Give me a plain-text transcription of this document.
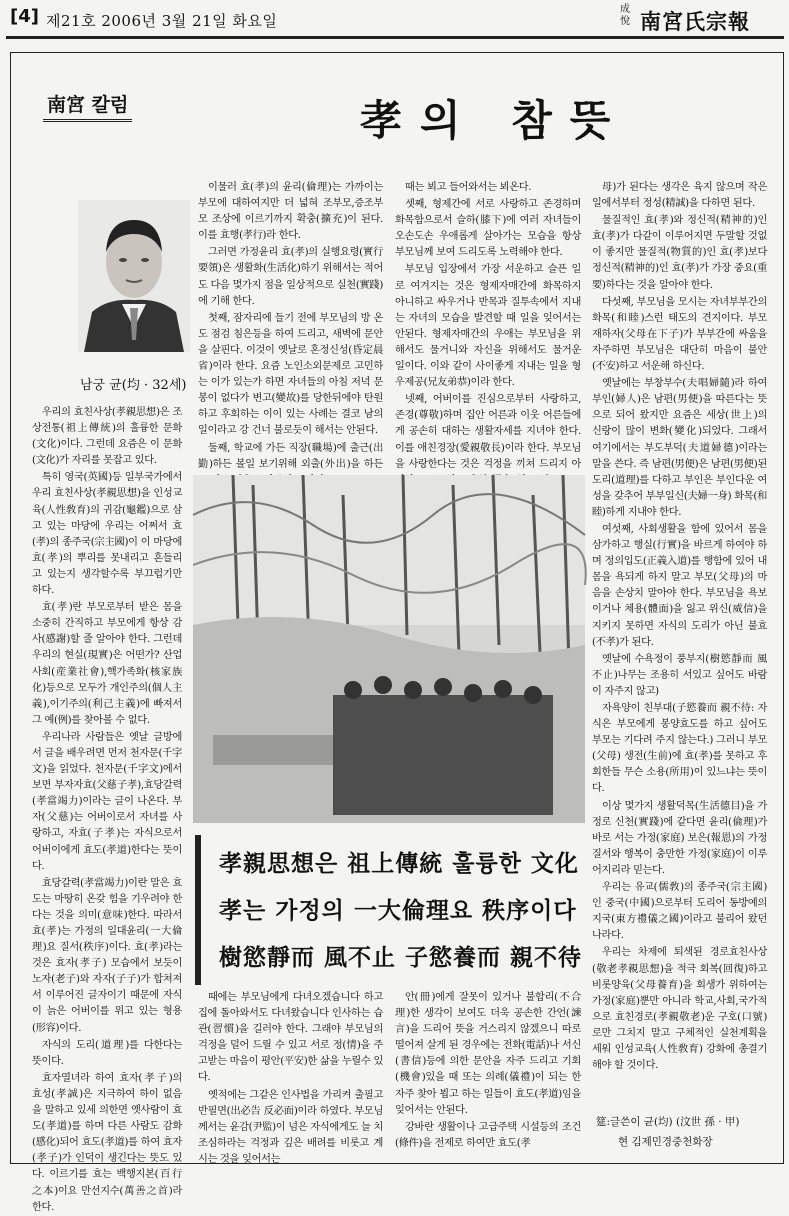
[4] 제21호 2006년 3월 21일 화요일
成悅 南宮氏宗報
南宮 칼럼	孝의 참뜻
남궁 균(均 · 32세)

우리의 효친사상(孝親思想)은 조상전통(祖上傳統)의 훌륭한 문화(文化)이다. 그런데 요즘은 이 문화(文化)가 자리를 못잡고 있다.

특히 영국(英國)등 일부국가에서 우리 효친사상(孝親思想)을 인성교육(人性敎育)의 귀감(龜鑑)으로 삼고 있는 마당에 우리는 어쩌서 효(孝)의 종주국(宗主國)이 이 마당에 효(孝)의 뿌리를 못내리고 흔들리고 있는지 생각할수록 부끄럽기만 하다.

효(孝)란 부모로부터 받은 몸을 소중히 간직하고 부모에게 항상 감사(感謝)할 줄 알아야 한다. 그런데 우리의 현실(現實)은 어떤가? 산업사회(産業社會),핵가족화(核家族化)등으로 모두가 개인주의(個人主義),이기주의(利己主義)에 빠져서 그 예(例)를 찾아볼 수 없다.

우리나라 사람들은 옛날 글방에서 글을 배우려면 먼저 천자문(千字文)을 읽었다. 천자문(千字文)에서 보면 부자자효(父慈子孝),효당갈력(孝當竭力)이라는 글이 나온다. 부자(父慈)는 어버이로서 자녀를 사랑하고, 자효(子孝)는 자식으로서 어버이에게 효도(孝道)한다는 뜻이다.

효당갈력(孝當竭力)이란 말은 효도는 마땅히 온갖 힘을 기우려야 한다는 것을 의미(意味)한다. 따라서 효(孝)는 가정의 일대윤리(一大倫理)요 질서(秩序)이다. 효(孝)라는 것은 효자(孝子) 모습에서 보듯이 노자(老子)와 자자(子子)가 합쳐져서 이루어진 글자이기 때문에 자식이 늙은 어버이를 위고 있는 형용(形容)이다.

자식의 도리(道理)를 다한다는 뜻이다.

효자열녀라 하여 효자(孝子)의 효성(孝誠)은 지극하여 하이 없음을 말하고 있세 의한면 옛사람이 효도(孝道)를 하며 다른 사람도 감화(感化)되어 효도(孝道)를 하여 효자(孝子)가 인덕이 생긴다는 뜻도 있다. 이르기를 효는 백행지본(百行之本)이요 만선지수(萬善之首)라 한다.

이물러 효(孝)의 윤리(倫理)는 가까이는 부모에 대하여지만 더 넓혀 조부모,증조부모 조상에 이르기까지 확충(擴充)이 된다. 이를 효행(孝行)라 한다.

그러면 가정윤리 효(孝)의 실행요령(實行要領)은 생활화(生活化)하기 위해서는 적어도 다음 몇가지 점을 일상적으로 실천(實踐)에 기해 한다.

첫째, 잠자리에 들기 전에 부모님의 방 온도 점검 침은등을 하여 드리고, 새벽에 문안을 살핀다. 이것이 옛날로 혼정신성(昏定晨省)이라 한다. 요즘 노인소외문제로 고민하는 이가 있는가 하면 자녀들의 아침 저녁 문봉이 없다가 변고(變故)를 당한뒤에야 탄원하고 후회하는 이이 있는 사례는 결코 남의 일이라고 강 건너 불로듯이 해서는 안된다.

둘째, 학교에 가든 직장(職場)에 출근(出勤)하든 볼일 보기위해 외출(外出)을 하든

때는 뵈고 들어와서는 뵈온다.

셋째, 형제간에 서로 사랑하고 존경하며 화목함으로서 슬하(膝下)에 여러 자녀들이 오손도손 우애롭게 살아가는 모습을 항상 부모님께 보여 드리도록 노력해야 한다.

부모님 입장에서 가장 서운하고 슬픈 일로 여겨지는 것은 형제자매간에 화목하지 아니하고 싸우거나 반목과 질투속에서 지내는 자녀의 모습을 발견할 때 일을 잊어서는 안된다. 형제자매간의 우애는 부모님을 위해서도 물거니와 자신을 위해서도 물거운 일이다. 이와 같이 사이좋게 지내는 일을 형우제공(兄友弟恭)이라 한다.

넷째, 어버이를 진심으로부터 사랑하고, 존경(尊敬)하며 집안 어른과 이웃 어른들에게 공손히 대하는 생활자세를 지녀야 한다. 이를 애친경장(愛親敬長)이라 한다. 부모님을 사랑한다는 것은 걱정을 끼쳐 드리지 아

母)가 된다는 생각은 육지 않으며 작은 일에서부터 정성(精誠)을 다하면 된다.

물질적인 효(孝)와 정신적(精神的)인 효(孝)가 다같이 이루어지면 두말할 것없이 좋지만 물질적(物質的)인 효(孝)보다 정신적(精神的)인 효(孝)가 가장 중요(重要)하다는 것을 알아야 한다.

다섯째, 부모님을 모시는 자녀부부간의 화목(和睦)스런 태도의 견지이다. 부모 재하자(父母在下子)가 부부간에 싸움을 자주하면 부모님은 대단히 마음이 불안(不安)하고 서운해 하신다.

옛날에는 부창부수(夫唱婦隨)라 하여 부인(婦人)은 남편(男便)을 따른다는 뜻으로 되어 왔지만 요즘은 세상(世上)의 신랑이 많이 변화(變化)되었다. 그래서 여기에서는 부도부덕(夫道婦德)이라는 말을 쓴다. 즉 남편(男便)은 남편(男便)된 도리(道理)를 다하고 부인은 부인다운 여성을 갖추어 부부일신(夫婦一身) 화목(和睦)하게 지내야 한다.

여섯째, 사회생활을 함에 있어서 몸을 삼가하고 행실(行實)을 바르게 하여야 하며 정의입도(正義入道)를 행함에 있어 내 몸을 욕되게 하지 말고 부모(父母)의 마음을 손상치 말아야 한다. 부모님을 욕보이거나 체용(體面)을 잃고 위신(威信)을 지키지 못하면 자식의 도리가 아닌 불효(不孝)가 된다.

옛날에 수욕정이 풍부지(樹慾靜而 風不止)나무는 조용히 서있고 싶어도 바람이 자주지 않고)

자욕양이 친부대(子慾養而 親不待: 자식은 부모에게 봉양효도를 하고 싶어도 부모는 기다려 주지 않는다.) 그러니 부모(父母) 생전(生前)에 효(孝)를 못하고 후회한들 무슨 소용(所用)이 있느냐는 뜻이다.

이상 몇가지 생활덕목(生活德目)을 가정로 신천(實踐)에 같다면 윤리(倫理)가 바로 서는 가정(家庭) 보은(報恩)의 가정 질서와 행복이 충만한 가정(家庭)이 이루어지리라 믿는다.

우리는 유교(儒敎)의 종주국(宗主國)인 중국(中國)으로부터 도리어 동방예의지국(東方禮儀之國)이라고 불리어 왔던 나라다.

우리는 차제에 퇴색된 경로효친사상(敬老孝親思想)을 적극 회복(回復)하고 비롯양육(父母養育)을 회생가 위하여는 가정(家庭)뿐만 아니라 학교,사회,국가적으로 효친경로(孝親敬老)운 구호(口號)로만 그치지 말고 구체적인 실천계획을 세워 인성교육(人性敎育) 강화에 총결기해야 할 것이다.

孝親思想은 祖上傳統 훌륭한 文化
孝는 가정의 一大倫理요 秩序이다
樹慾靜而 風不止 子慾養而 親不待

때에는 부모님에게 다녀오겠습니다 하고 집에 돌아와서도 다녀왔습니다 인사하는 습관(習慣)을 길러야 한다. 그래야 부모님의 걱정을 덜어 드릴 수 있고 서로 정(情)을 주고받는 마음이 평안(平安)한 삶을 누릴수 있다.

옛적에는 그같은 인사법을 가리켜 출필고 반필면(出必告 反必面)이라 하였다. 부모님께서는 윤감(尹監)이 넘은 자식에게도 늘 치조심하라는 걱정과 깊은 배려를 비롯고 계시는 것을 잊어서는

안(冊)에게 잘못이 있거나 불합리(不合理)한 생각이 보여도 더욱 공손한 간언(諫言)을 드리어 뜻을 거스리지 않겠으니 따로 떨어져 살게 된 경우에는 전화(電話)나 서신(書信)등에 의한 문안을 자주 드리고 기회(機會)있을 때 또는 의례(儀禮)이 되는 한 자주 찾아 뵙고 하는 일들이 효도(孝道)임을 잊어서는 안된다.

강바란 생활이나 고급주택 시설등의 조건(條件)을 전제로 하여만 효도(孝

筵:글쓴이 균(均) (汶世 孫 · 甲)
현 김제민경중천화장
